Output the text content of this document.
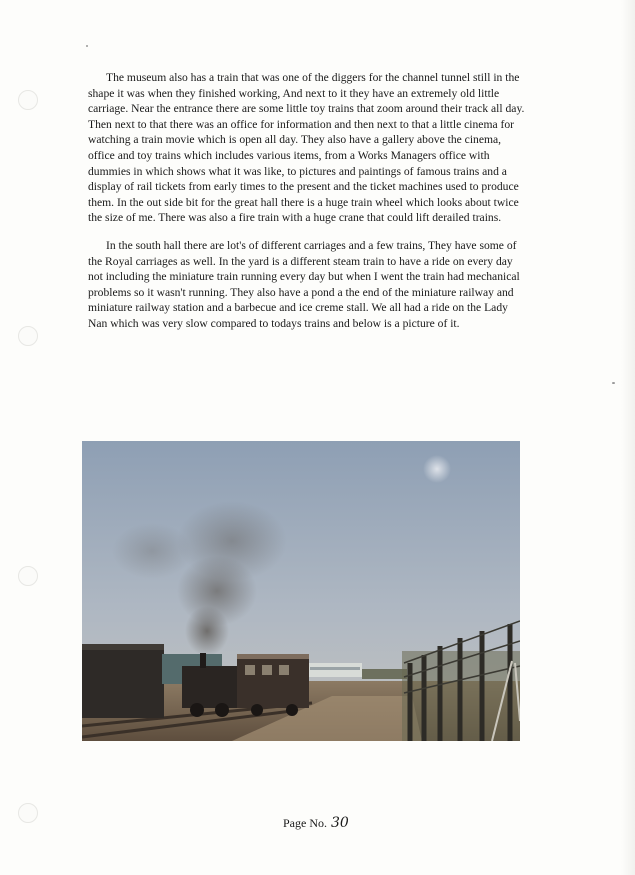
The museum also has a train that was one of the diggers for the channel tunnel still in the shape it was when they finished working, And next to it they have an extremely old little carriage. Near the entrance there are some little toy trains that zoom around their track all day. Then next to that there was an office for information and then next to that a little cinema for watching a train movie which is open all day. They also have a gallery above the cinema, office and toy trains which includes various items, from a Works Managers office with dummies in which shows what it was like, to pictures and paintings of famous trains and a display of rail tickets from early times to the present and the ticket machines used to produce them. In the out side bit for the great hall there is a huge train wheel which looks about twice the size of me. There was also a fire train with a huge crane that could lift derailed trains.

In the south hall there are lot's of different carriages and a few trains, They have some of the Royal carriages as well. In the yard is a different steam train to have a ride on every day not including the miniature train running every day but when I went the train had mechanical problems so it wasn't running. They also have a pond a the end of the miniature railway and miniature railway station and a barbecue and ice creme stall. We all had a ride on the Lady Nan which was very slow compared to todays trains and below is a picture of it.

Page No. 30
